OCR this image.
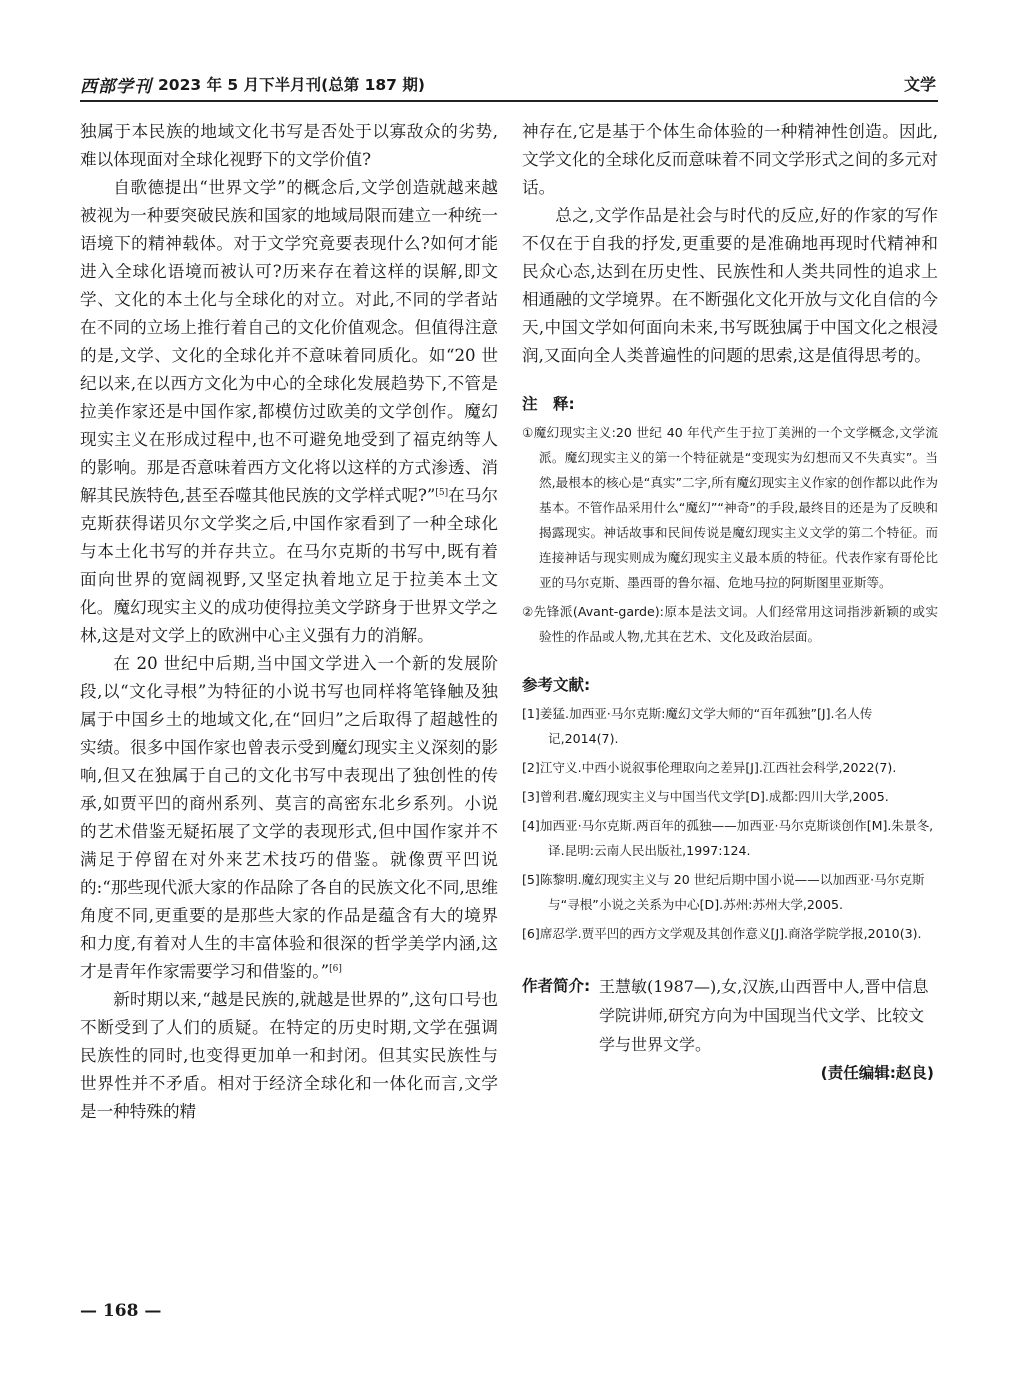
西部学刊 2023 年 5 月下半月刊(总第 187 期)	文学

独属于本民族的地域文化书写是否处于以寡敌众的劣势,难以体现面对全球化视野下的文学价值?

自歌德提出“世界文学”的概念后,文学创造就越来越被视为一种要突破民族和国家的地域局限而建立一种统一语境下的精神载体。对于文学究竟要表现什么?如何才能进入全球化语境而被认可?历来存在着这样的误解,即文学、文化的本土化与全球化的对立。对此,不同的学者站在不同的立场上推行着自己的文化价值观念。但值得注意的是,文学、文化的全球化并不意味着同质化。如“20 世纪以来,在以西方文化为中心的全球化发展趋势下,不管是拉美作家还是中国作家,都模仿过欧美的文学创作。魔幻现实主义在形成过程中,也不可避免地受到了福克纳等人的影响。那是否意味着西方文化将以这样的方式渗透、消解其民族特色,甚至吞噬其他民族的文学样式呢?”[5]在马尔克斯获得诺贝尔文学奖之后,中国作家看到了一种全球化与本土化书写的并存共立。在马尔克斯的书写中,既有着面向世界的宽阔视野,又坚定执着地立足于拉美本土文化。魔幻现实主义的成功使得拉美文学跻身于世界文学之林,这是对文学上的欧洲中心主义强有力的消解。

在 20 世纪中后期,当中国文学进入一个新的发展阶段,以“文化寻根”为特征的小说书写也同样将笔锋触及独属于中国乡土的地域文化,在“回归”之后取得了超越性的实绩。很多中国作家也曾表示受到魔幻现实主义深刻的影响,但又在独属于自己的文化书写中表现出了独创性的传承,如贾平凹的商州系列、莫言的高密东北乡系列。小说的艺术借鉴无疑拓展了文学的表现形式,但中国作家并不满足于停留在对外来艺术技巧的借鉴。就像贾平凹说的:“那些现代派大家的作品除了各自的民族文化不同,思维角度不同,更重要的是那些大家的作品是蕴含有大的境界和力度,有着对人生的丰富体验和很深的哲学美学内涵,这才是青年作家需要学习和借鉴的。”[6]

新时期以来,“越是民族的,就越是世界的”,这句口号也不断受到了人们的质疑。在特定的历史时期,文学在强调民族性的同时,也变得更加单一和封闭。但其实民族性与世界性并不矛盾。相对于经济全球化和一体化而言,文学是一种特殊的精

神存在,它是基于个体生命体验的一种精神性创造。因此,文学文化的全球化反而意味着不同文学形式之间的多元对话。

总之,文学作品是社会与时代的反应,好的作家的写作不仅在于自我的抒发,更重要的是准确地再现时代精神和民众心态,达到在历史性、民族性和人类共同性的追求上相通融的文学境界。在不断强化文化开放与文化自信的今天,中国文学如何面向未来,书写既独属于中国文化之根浸润,又面向全人类普遍性的问题的思索,这是值得思考的。

注　释:

①魔幻现实主义:20 世纪 40 年代产生于拉丁美洲的一个文学概念,文学流派。魔幻现实主义的第一个特征就是“变现实为幻想而又不失真实”。当然,最根本的核心是“真实”二字,所有魔幻现实主义作家的创作都以此作为基本。不管作品采用什么“魔幻”“神奇”的手段,最终目的还是为了反映和揭露现实。神话故事和民间传说是魔幻现实主义文学的第二个特征。而连接神话与现实则成为魔幻现实主义最本质的特征。代表作家有哥伦比亚的马尔克斯、墨西哥的鲁尔福、危地马拉的阿斯图里亚斯等。

②先锋派(Avant-garde):原本是法文词。人们经常用这词指涉新颖的或实验性的作品或人物,尤其在艺术、文化及政治层面。

参考文献:

[1]姜猛.加西亚·马尔克斯:魔幻文学大师的“百年孤独”[J].名人传记,2014(7).

[2]江守义.中西小说叙事伦理取向之差异[J].江西社会科学,2022(7).

[3]曾利君.魔幻现实主义与中国当代文学[D].成都:四川大学,2005.

[4]加西亚·马尔克斯.两百年的孤独——加西亚·马尔克斯谈创作[M].朱景冬,译.昆明:云南人民出版社,1997:124.

[5]陈黎明.魔幻现实主义与 20 世纪后期中国小说——以加西亚·马尔克斯与“寻根”小说之关系为中心[D].苏州:苏州大学,2005.

[6]席忍学.贾平凹的西方文学观及其创作意义[J].商洛学院学报,2010(3).

作者简介: 王慧敏(1987—),女,汉族,山西晋中人,晋中信息学院讲师,研究方向为中国现当代文学、比较文学与世界文学。

(责任编辑:赵良)

— 168 —
